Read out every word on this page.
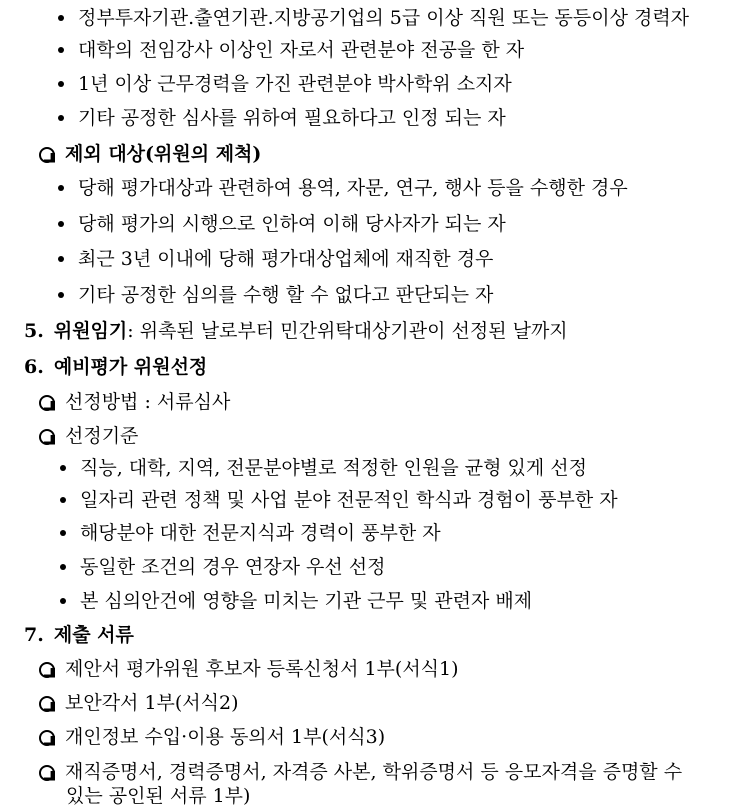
정부투자기관.출연기관.지방공기업의 5급 이상 직원 또는 동등이상 경력자
대학의 전임강사 이상인 자로서 관련분야 전공을 한 자
1년 이상 근무경력을 가진 관련분야 박사학위 소지자
기타 공정한 심사를 위하여 필요하다고 인정 되는 자
제외 대상(위원의 제척)
당해 평가대상과 관련하여 용역, 자문, 연구, 행사 등을 수행한 경우
당해 평가의 시행으로 인하여 이해 당사자가 되는 자
최근 3년 이내에 당해 평가대상업체에 재직한 경우
기타 공정한 심의를 수행 할 수 없다고 판단되는 자
5. 위원임기 : 위촉된 날로부터 민간위탁대상기관이 선정된 날까지
6. 예비평가 위원선정
선정방법 : 서류심사
선정기준
직능, 대학, 지역, 전문분야별로 적정한 인원을 균형 있게 선정
일자리 관련 정책 및 사업 분야 전문적인 학식과 경험이 풍부한 자
해당분야 대한 전문지식과 경력이 풍부한 자
동일한 조건의 경우 연장자 우선 선정
본 심의안건에 영향을 미치는 기관 근무 및 관련자 배제
7. 제출 서류
제안서 평가위원 후보자 등록신청서 1부(서식1)
보안각서 1부(서식2)
개인정보 수입·이용 동의서 1부(서식3)
재직증명서, 경력증명서, 자격증 사본, 학위증명서 등 응모자격을 증명할 수
있는 공인된 서류 1부)
